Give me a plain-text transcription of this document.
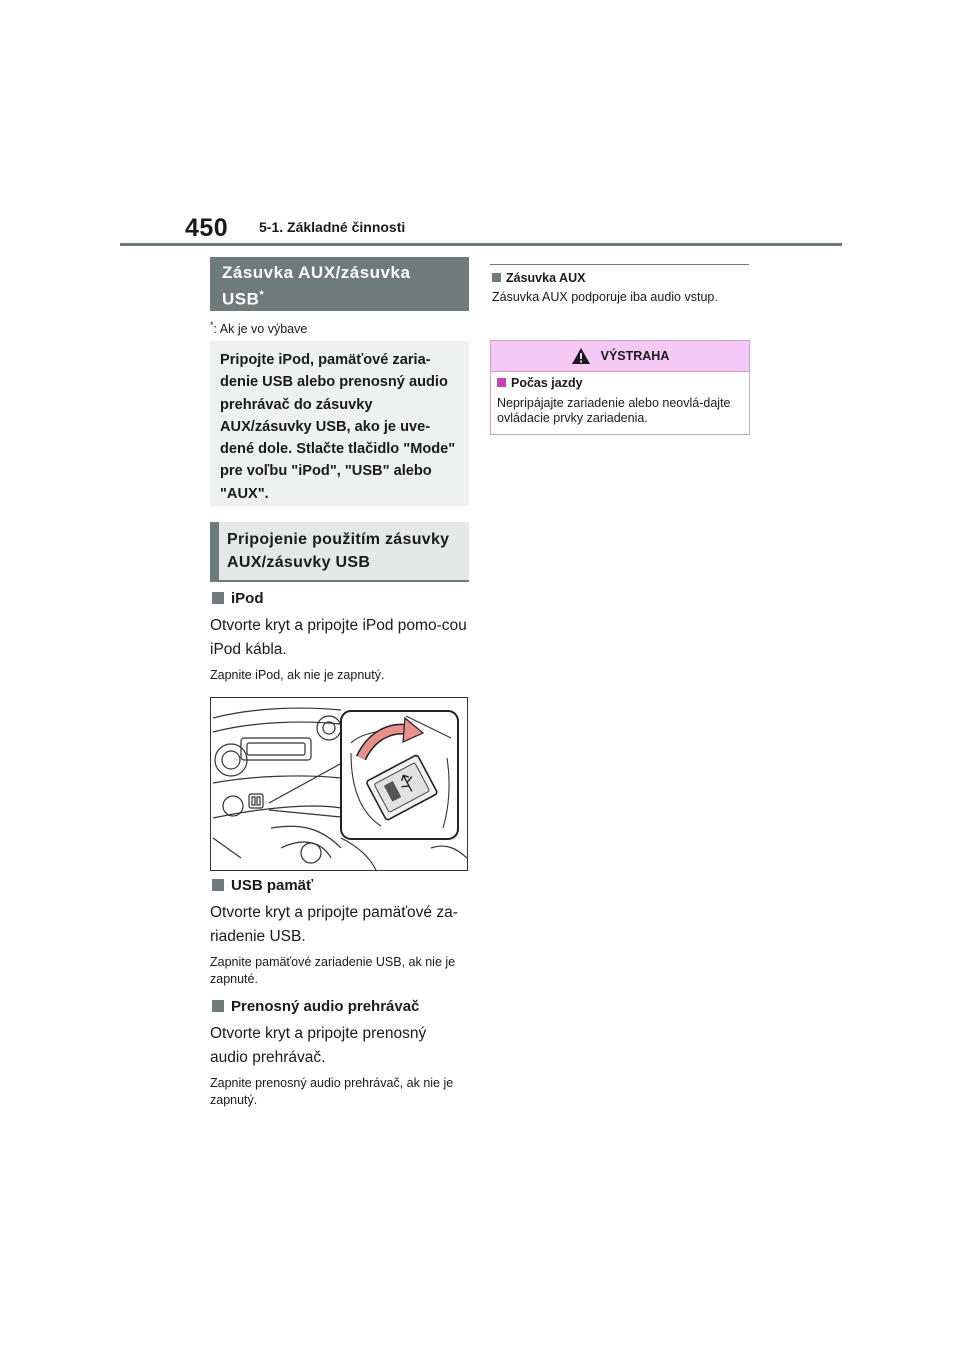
450 5-1. Základné činnosti
Zásuvka AUX/zásuvka USB*
*: Ak je vo výbave
Pripojte iPod, pamäťové zaria-denie USB alebo prenosný audio prehrávač do zásuvky AUX/zásuvky USB, ako je uve-dené dole. Stlačte tlačidlo "Mode" pre voľbu "iPod", "USB" alebo "AUX".
Pripojenie použitím zásuvky AUX/zásuvky USB
iPod
Otvorte kryt a pripojte iPod pomo-cou iPod kábla.
Zapnite iPod, ak nie je zapnutý.
USB pamäť
Otvorte kryt a pripojte pamäťové za-riadenie USB.
Zapnite pamäťové zariadenie USB, ak nie je zapnuté.
Prenosný audio prehrávač
Otvorte kryt a pripojte prenosný audio prehrávač.
Zapnite prenosný audio prehrávač, ak nie je zapnutý.
Zásuvka AUX
Zásuvka AUX podporuje iba audio vstup.
VÝSTRAHA
Počas jazdy
Nepripájajte zariadenie alebo neovlá-dajte ovládacie prvky zariadenia.
